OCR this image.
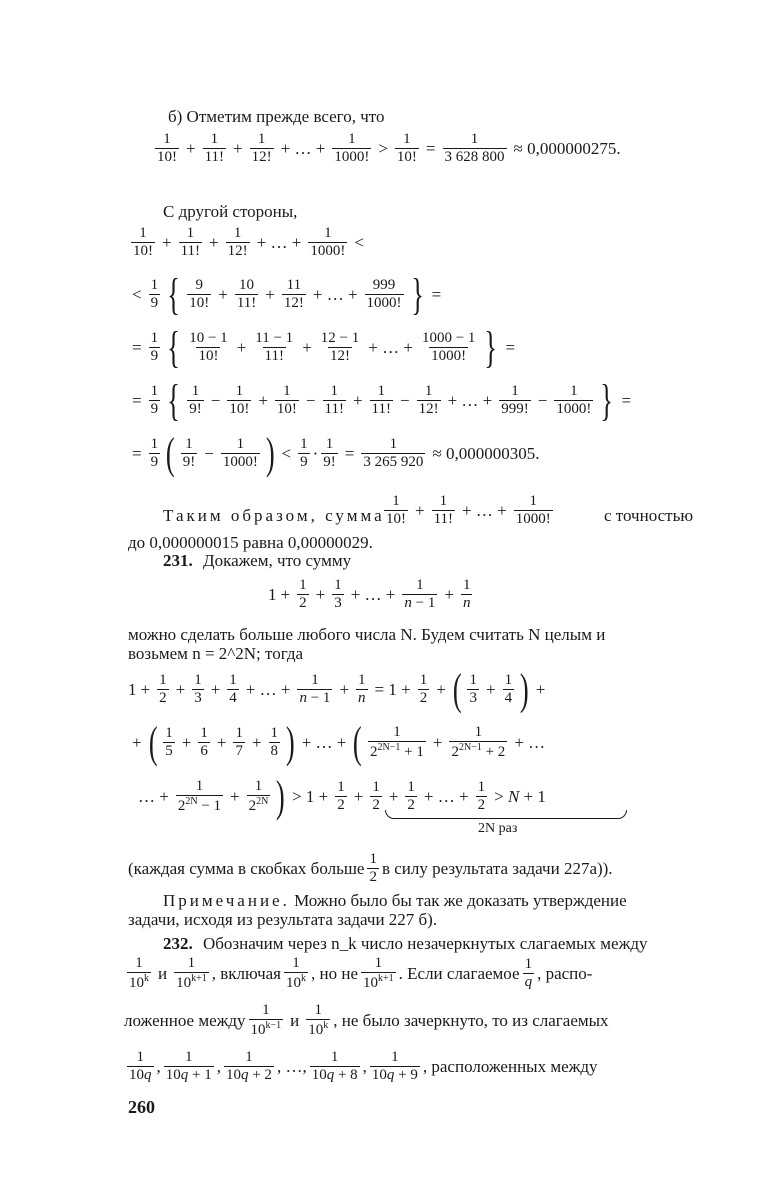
б) Отметим прежде всего, что
$\frac{1}{10!} + \frac{1}{11!} + \frac{1}{12!}$ + … + $\frac{1}{1000!} > \frac{1}{10!} = \frac{1}{3 628 800} \approx 0,000000275$.
С другой стороны,
$\frac{1}{10!} + \frac{1}{11!} + \frac{1}{12!}$ + … + $\frac{1}{1000!}$ <
< $\frac{1}{9}$ { $\frac{9}{10!} + \frac{10}{11!} + \frac{11}{12!}$ + … + $\frac{999}{1000!}$ } =
= $\frac{1}{9}$ { $\frac{10 - 1}{10!} + \frac{11 - 1}{11!} + \frac{12 - 1}{12!}$ + … + $\frac{1000 - 1}{1000!}$ } =
= $\frac{1}{9}$ { $\frac{1}{9!} - \frac{1}{10!} + \frac{1}{10!} - \frac{1}{11!} + \frac{1}{11!} - \frac{1}{12!}$ + … + $\frac{1}{999!} - \frac{1}{1000!}$ } =
= $\frac{1}{9}$ ( $\frac{1}{9!} - \frac{1}{1000!}$ ) < $\frac{1}{9} \cdot \frac{1}{9!} = \frac{1}{3 265 920} \approx 0,000000305$.
Таким образом, сумма $\frac{1}{10!} + \frac{1}{11!}$ + … + $\frac{1}{1000!}$	с точностью
до 0,000000015 равна 0,00000029.
231. Докажем, что сумму
$1 + \frac{1}{2} + \frac{1}{3}$ + … + $\frac{1}{n - 1} + \frac{1}{n}$
можно сделать больше любого числа N. Будем считать N целым и
возьмем n = 2^2N; тогда
$1 + \frac{1}{2} + \frac{1}{3} + \frac{1}{4}$ + … + $\frac{1}{n - 1} + \frac{1}{n} = 1 + \frac{1}{2}$ + ( $\frac{1}{3} + \frac{1}{4}$ ) +
+ ( $\frac{1}{5} + \frac{1}{6} + \frac{1}{7} + \frac{1}{8}$ ) + … + ( $\frac{1}{2^{2N-1} + 1} + \frac{1}{2^{2N-1} + 2}$ + …
… + $\frac{1}{2^{2N} - 1} + \frac{1}{2^{2N}}$ ) > $1 + \frac{1}{2} + \frac{1}{2} + \frac{1}{2}$ + … + $\frac{1}{2} > N + 1$
2N раз
(каждая сумма в скобках больше $\frac{1}{2}$ в силу результата задачи 227а)).
Примечание. Можно было бы так же доказать утверждение
задачи, исходя из результата задачи 227 б).
232. Обозначим через n_k число незачеркнутых слагаемых между
$\frac{1}{10^k}$ и $\frac{1}{10^{k+1}}$ , включая $\frac{1}{10^k}$ , но не $\frac{1}{10^{k+1}}$ . Если слагаемое $\frac{1}{q}$ , распо-
ложенное между $\frac{1}{10^{k-1}}$ и $\frac{1}{10^k}$ , не было зачеркнуто, то из слагаемых
$\frac{1}{10q}$ , $\frac{1}{10q + 1}$ , $\frac{1}{10q + 2}$ , …, $\frac{1}{10q + 8}$ , $\frac{1}{10q + 9}$ , расположенных между
260
